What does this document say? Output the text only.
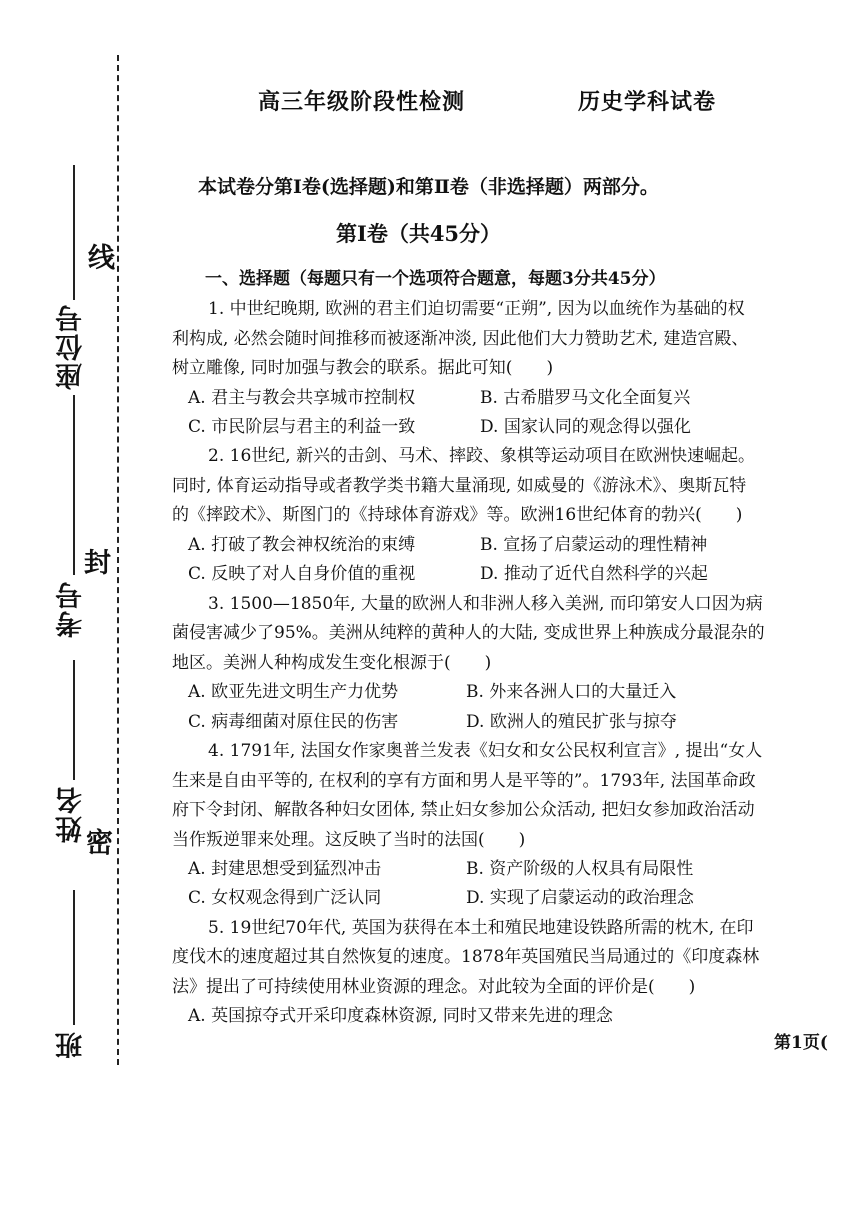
线
封
密
座位号
考号
姓名
班
高三年级阶段性检测	历史学科试卷
本试卷分第Ⅰ卷(选择题)和第Ⅱ卷（非选择题）两部分。
第Ⅰ卷（共45分）
一、选择题（每题只有一个选项符合题意，每题3分共45分）
1. 中世纪晚期, 欧洲的君主们迫切需要“正朔”, 因为以血统作为基础的权
利构成, 必然会随时间推移而被逐渐冲淡, 因此他们大力赞助艺术, 建造宫殿、
树立雕像, 同时加强与教会的联系。据此可知(　　)
A. 君主与教会共享城市控制权	B. 古希腊罗马文化全面复兴
C. 市民阶层与君主的利益一致	D. 国家认同的观念得以强化
2. 16世纪, 新兴的击剑、马术、摔跤、象棋等运动项目在欧洲快速崛起。
同时, 体育运动指导或者教学类书籍大量涌现, 如威曼的《游泳术》、奥斯瓦特
的《摔跤术》、斯图门的《持球体育游戏》等。欧洲16世纪体育的勃兴(　　)
A. 打破了教会神权统治的束缚	B. 宣扬了启蒙运动的理性精神
C. 反映了对人自身价值的重视	D. 推动了近代自然科学的兴起
3. 1500—1850年, 大量的欧洲人和非洲人移入美洲, 而印第安人口因为病
菌侵害减少了95%。美洲从纯粹的黄种人的大陆, 变成世界上种族成分最混杂的
地区。美洲人种构成发生变化根源于(　　)
A. 欧亚先进文明生产力优势	B. 外来各洲人口的大量迁入
C. 病毒细菌对原住民的伤害	D. 欧洲人的殖民扩张与掠夺
4. 1791年, 法国女作家奥普兰发表《妇女和女公民权利宣言》, 提出“女人
生来是自由平等的, 在权利的享有方面和男人是平等的”。1793年, 法国革命政
府下令封闭、解散各种妇女团体, 禁止妇女参加公众活动, 把妇女参加政治活动
当作叛逆罪来处理。这反映了当时的法国(　　)
A. 封建思想受到猛烈冲击	B. 资产阶级的人权具有局限性
C. 女权观念得到广泛认同	D. 实现了启蒙运动的政治理念
5. 19世纪70年代, 英国为获得在本土和殖民地建设铁路所需的枕木, 在印
度伐木的速度超过其自然恢复的速度。1878年英国殖民当局通过的《印度森林
法》提出了可持续使用林业资源的理念。对此较为全面的评价是(　　)
A. 英国掠夺式开采印度森林资源, 同时又带来先进的理念
第1页(
